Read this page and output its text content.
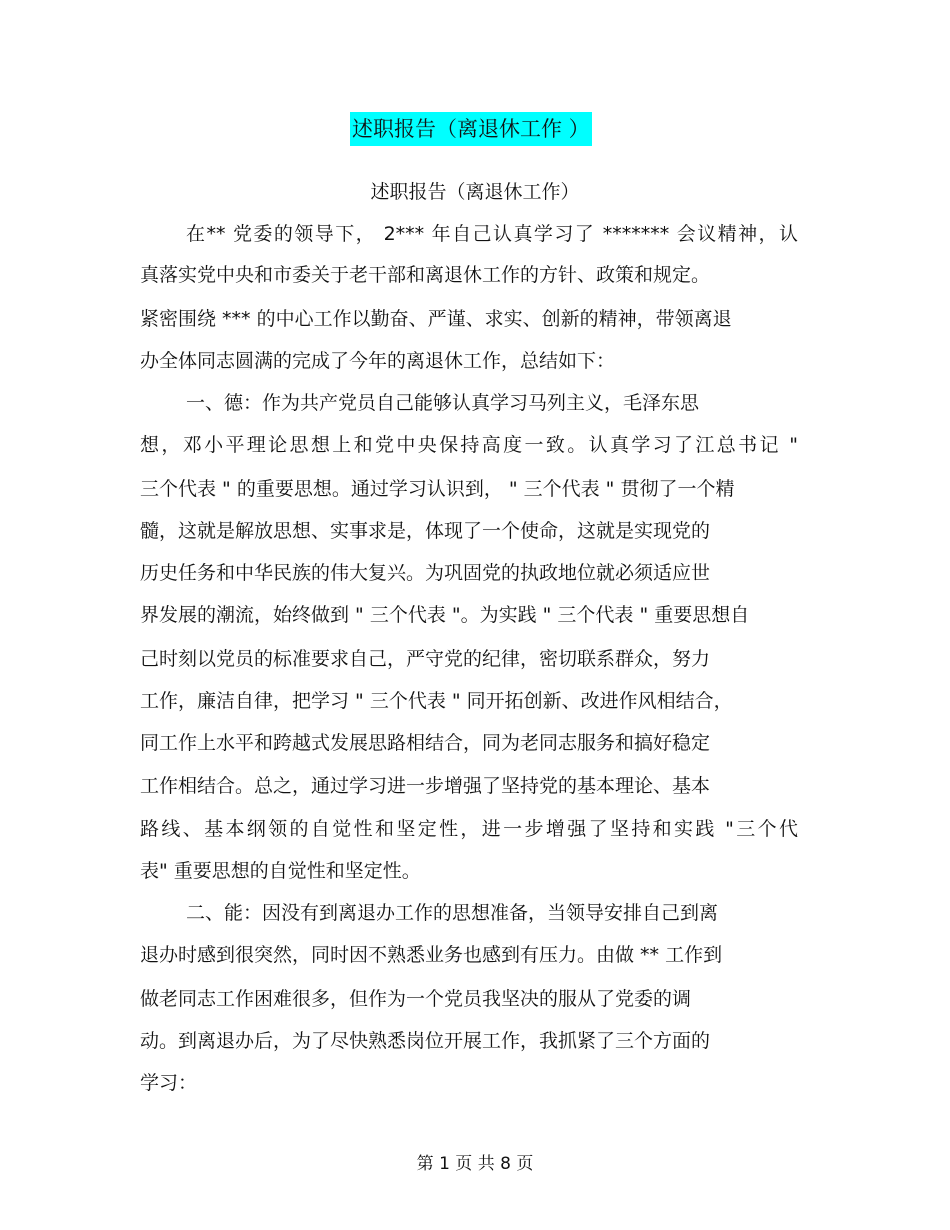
述职报告（离退休工作 ）
述职报告（离退休工作）
在** 党委的领导下， 2*** 年自己认真学习了 ******* 会议精神，认
真落实党中央和市委关于老干部和离退休工作的方针、政策和规定。
紧密围绕 *** 的中心工作以勤奋、严谨、求实、创新的精神，带领离退
办全体同志圆满的完成了今年的离退休工作，总结如下：
一、德：作为共产党员自己能够认真学习马列主义，毛泽东思
想，邓小平理论思想上和党中央保持高度一致。认真学习了江总书记 "
三个代表 " 的重要思想。通过学习认识到， " 三个代表 " 贯彻了一个精
髓，这就是解放思想、实事求是，体现了一个使命，这就是实现党的
历史任务和中华民族的伟大复兴。为巩固党的执政地位就必须适应世
界发展的潮流，始终做到 " 三个代表 "。为实践 " 三个代表 " 重要思想自
己时刻以党员的标准要求自己，严守党的纪律，密切联系群众，努力
工作，廉洁自律，把学习 " 三个代表 " 同开拓创新、改进作风相结合，
同工作上水平和跨越式发展思路相结合，同为老同志服务和搞好稳定
工作相结合。总之，通过学习进一步增强了坚持党的基本理论、基本
路线、基本纲领的自觉性和坚定性，进一步增强了坚持和实践 "三个代
表" 重要思想的自觉性和坚定性。
二、能：因没有到离退办工作的思想准备，当领导安排自己到离
退办时感到很突然，同时因不熟悉业务也感到有压力。由做 ** 工作到
做老同志工作困难很多，但作为一个党员我坚决的服从了党委的调
动。到离退办后，为了尽快熟悉岗位开展工作，我抓紧了三个方面的
学习：
第 1 页 共 8 页
